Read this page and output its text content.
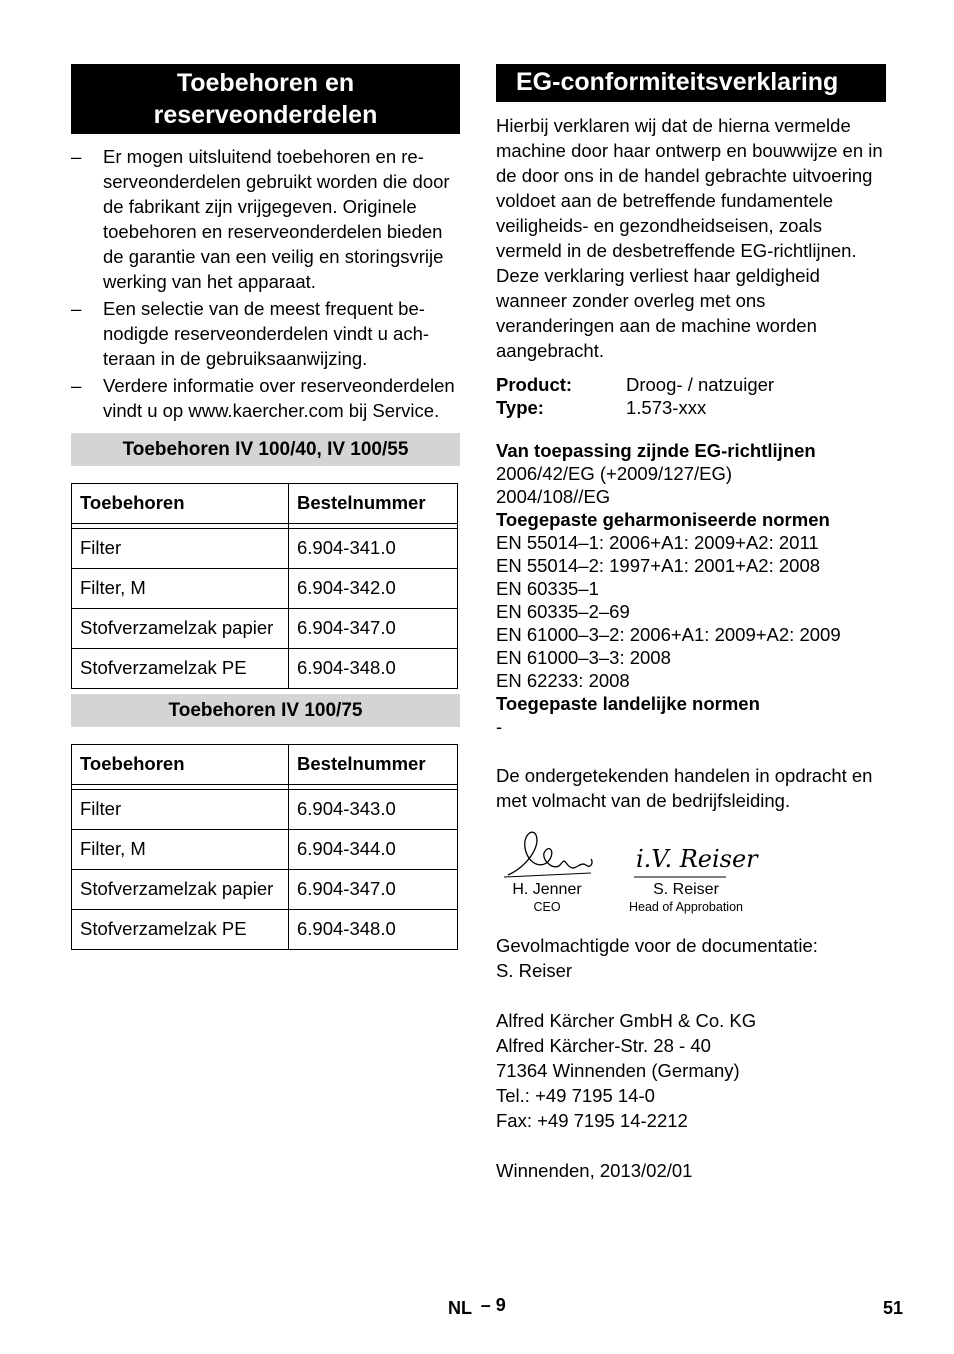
Toebehoren en reserveonderdelen
–	Er mogen uitsluitend toebehoren en reserveonderdelen gebruikt worden die door de fabrikant zijn vrijgegeven. Originele toebehoren en reserveonderdelen bieden de garantie van een veilig en storingsvrije werking van het apparaat.
–	Een selectie van de meest frequent benodigde reserveonderdelen vindt u achteraan in de gebruiksaanwijzing.
–	Verdere informatie over reserveonderdelen vindt u op www.kaercher.com bij Service.
Toebehoren IV 100/40, IV 100/55
Toebehoren	Bestelnummer

Filter	6.904-341.0
Filter, M	6.904-342.0
Stofverzamelzak papier	6.904-347.0
Stofverzamelzak PE	6.904-348.0
Toebehoren IV 100/75
Toebehoren	Bestelnummer

Filter	6.904-343.0
Filter, M	6.904-344.0
Stofverzamelzak papier	6.904-347.0
Stofverzamelzak PE	6.904-348.0
EG-conformiteitsverklaring
Hierbij verklaren wij dat de hierna vermelde machine door haar ontwerp en bouwwijze en in de door ons in de handel gebrachte uitvoering voldoet aan de betreffende fundamentele veiligheids- en gezondheidseisen, zoals vermeld in de desbetreffende EG-richtlijnen. Deze verklaring verliest haar geldigheid wanneer zonder overleg met ons veranderingen aan de machine worden aangebracht.
Product:	Droog- / natzuiger
Type:	1.573-xxx
Van toepassing zijnde EG-richtlijnen
2006/42/EG (+2009/127/EG)
2004/108//EG
Toegepaste geharmoniseerde normen
EN 55014–1: 2006+A1: 2009+A2: 2011
EN 55014–2: 1997+A1: 2001+A2: 2008
EN 60335–1
EN 60335–2–69
EN 61000–3–2: 2006+A1: 2009+A2: 2009
EN 61000–3–3: 2008
EN 62233: 2008
Toegepaste landelijke normen
-
De ondergetekenden handelen in opdracht en met volmacht van de bedrijfsleiding.
i.V. Reiser
H. Jenner
CEO
S. Reiser
Head of Approbation
Gevolmachtigde voor de documentatie:
S. Reiser
Alfred Kärcher GmbH & Co. KG
Alfred Kärcher-Str. 28 - 40
71364 Winnenden (Germany)
Tel.: +49 7195 14-0
Fax: +49 7195 14-2212
Winnenden, 2013/02/01
NL – 9	51
